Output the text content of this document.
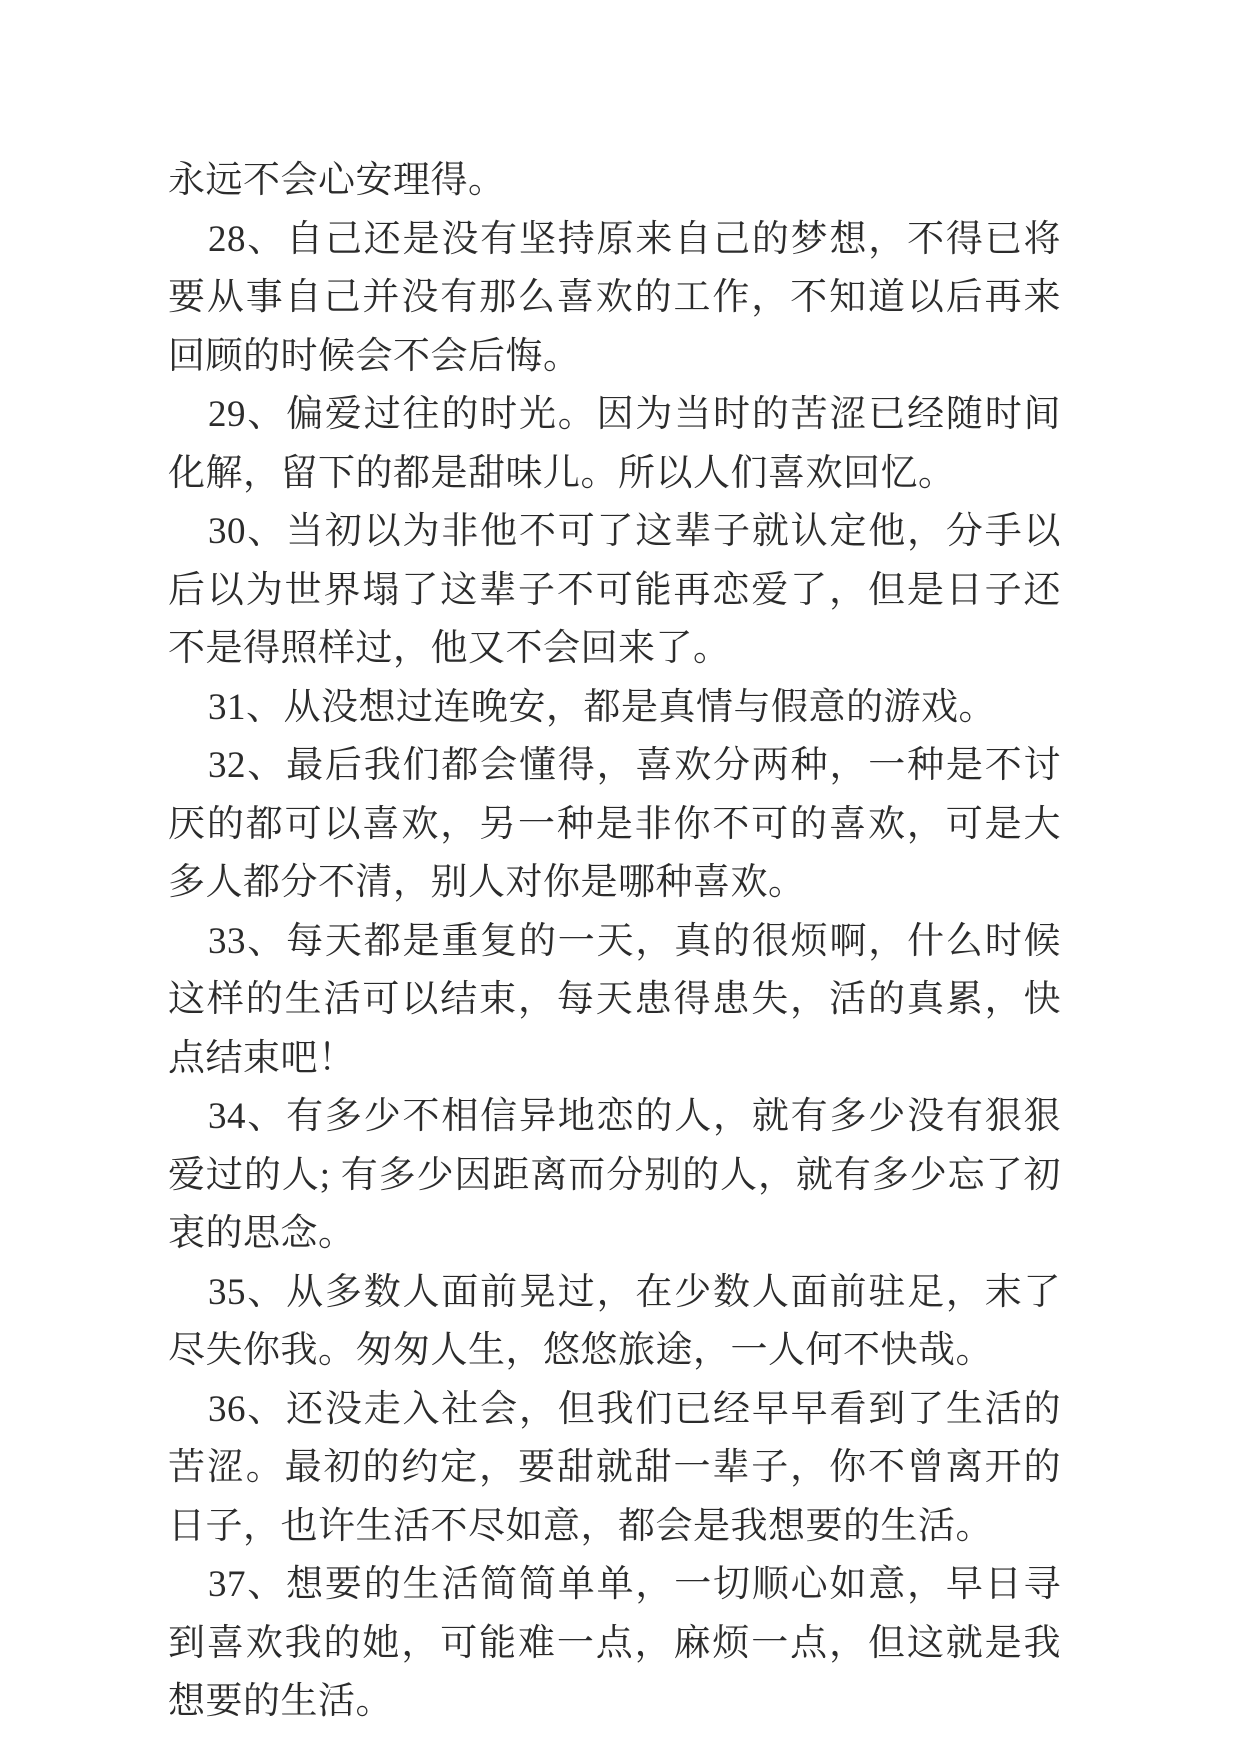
永远不会心安理得。

28、自己还是没有坚持原来自己的梦想，不得已将要从事自己并没有那么喜欢的工作，不知道以后再来回顾的时候会不会后悔。

29、偏爱过往的时光。因为当时的苦涩已经随时间化解，留下的都是甜味儿。所以人们喜欢回忆。

30、当初以为非他不可了这辈子就认定他，分手以后以为世界塌了这辈子不可能再恋爱了，但是日子还不是得照样过，他又不会回来了。

31、从没想过连晚安，都是真情与假意的游戏。

32、最后我们都会懂得，喜欢分两种，一种是不讨厌的都可以喜欢，另一种是非你不可的喜欢，可是大多人都分不清，别人对你是哪种喜欢。

33、每天都是重复的一天，真的很烦啊，什么时候这样的生活可以结束，每天患得患失，活的真累，快点结束吧！

34、有多少不相信异地恋的人，就有多少没有狠狠爱过的人; 有多少因距离而分别的人，就有多少忘了初衷的思念。

35、从多数人面前晃过，在少数人面前驻足，末了尽失你我。匆匆人生，悠悠旅途，一人何不快哉。

36、还没走入社会，但我们已经早早看到了生活的苦涩。最初的约定，要甜就甜一辈子，你不曾离开的日子，也许生活不尽如意，都会是我想要的生活。

37、想要的生活简简单单，一切顺心如意，早日寻到喜欢我的她，可能难一点，麻烦一点，但这就是我想要的生活。
